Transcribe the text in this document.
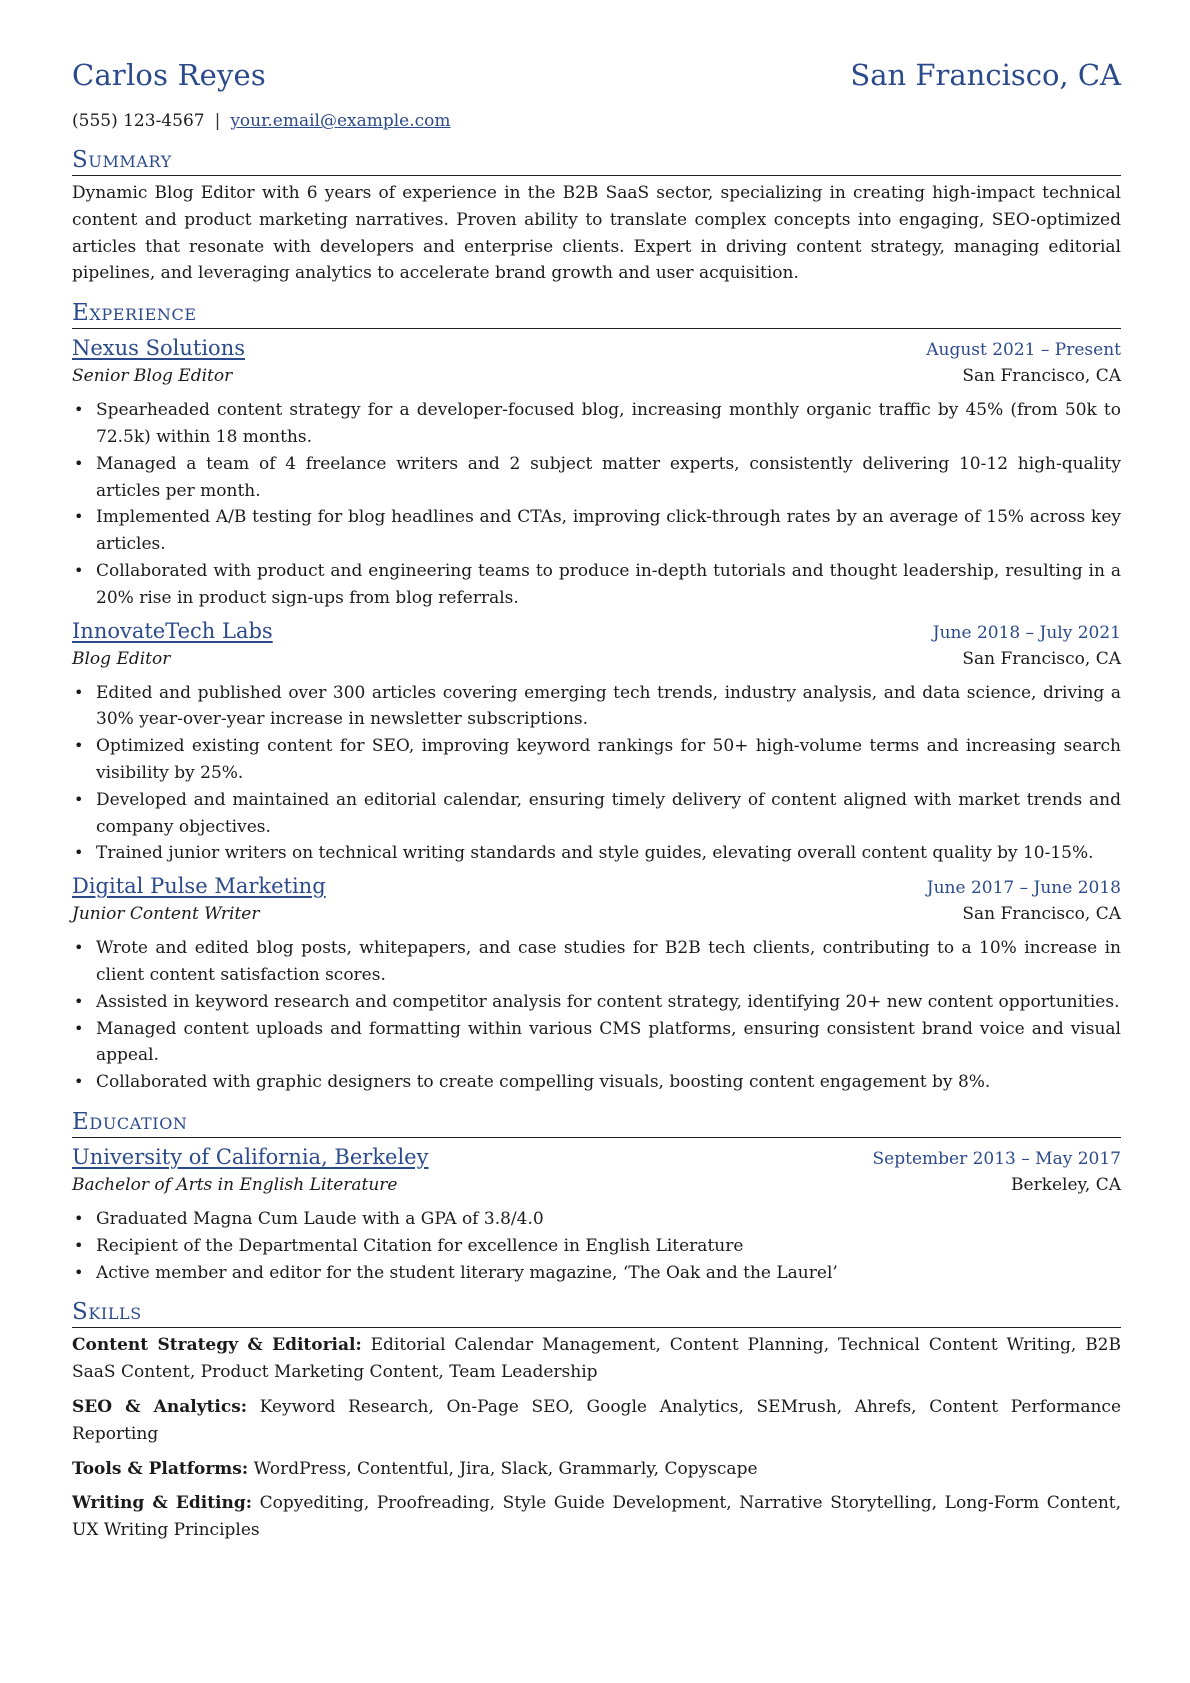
Carlos Reyes	San Francisco, CA
(555) 123-4567 | your.email@example.com
Summary
Dynamic Blog Editor with 6 years of experience in the B2B SaaS sector, specializing in creating high-impact technical content and product marketing narratives. Proven ability to translate complex concepts into engaging, SEO-optimized articles that resonate with developers and enterprise clients. Expert in driving content strategy, managing editorial pipelines, and leveraging analytics to accelerate brand growth and user acquisition.
Experience
Nexus Solutions	August 2021 – Present
Senior Blog Editor	San Francisco, CA
• Spearheaded content strategy for a developer-focused blog, increasing monthly organic traffic by 45% (from 50k to 72.5k) within 18 months.
• Managed a team of 4 freelance writers and 2 subject matter experts, consistently delivering 10-12 high-quality articles per month.
• Implemented A/B testing for blog headlines and CTAs, improving click-through rates by an average of 15% across key articles.
• Collaborated with product and engineering teams to produce in-depth tutorials and thought leadership, resulting in a 20% rise in product sign-ups from blog referrals.
InnovateTech Labs	June 2018 – July 2021
Blog Editor	San Francisco, CA
• Edited and published over 300 articles covering emerging tech trends, industry analysis, and data science, driving a 30% year-over-year increase in newsletter subscriptions.
• Optimized existing content for SEO, improving keyword rankings for 50+ high-volume terms and increasing search visibility by 25%.
• Developed and maintained an editorial calendar, ensuring timely delivery of content aligned with market trends and company objectives.
• Trained junior writers on technical writing standards and style guides, elevating overall content quality by 10-15%.
Digital Pulse Marketing	June 2017 – June 2018
Junior Content Writer	San Francisco, CA
• Wrote and edited blog posts, whitepapers, and case studies for B2B tech clients, contributing to a 10% increase in client content satisfaction scores.
• Assisted in keyword research and competitor analysis for content strategy, identifying 20+ new content opportunities.
• Managed content uploads and formatting within various CMS platforms, ensuring consistent brand voice and visual appeal.
• Collaborated with graphic designers to create compelling visuals, boosting content engagement by 8%.
Education
University of California, Berkeley	September 2013 – May 2017
Bachelor of Arts in English Literature	Berkeley, CA
• Graduated Magna Cum Laude with a GPA of 3.8/4.0
• Recipient of the Departmental Citation for excellence in English Literature
• Active member and editor for the student literary magazine, ‘The Oak and the Laurel’
Skills
Content Strategy & Editorial: Editorial Calendar Management, Content Planning, Technical Content Writing, B2B SaaS Content, Product Marketing Content, Team Leadership
SEO & Analytics: Keyword Research, On-Page SEO, Google Analytics, SEMrush, Ahrefs, Content Performance Reporting
Tools & Platforms: WordPress, Contentful, Jira, Slack, Grammarly, Copyscape
Writing & Editing: Copyediting, Proofreading, Style Guide Development, Narrative Storytelling, Long-Form Content, UX Writing Principles
